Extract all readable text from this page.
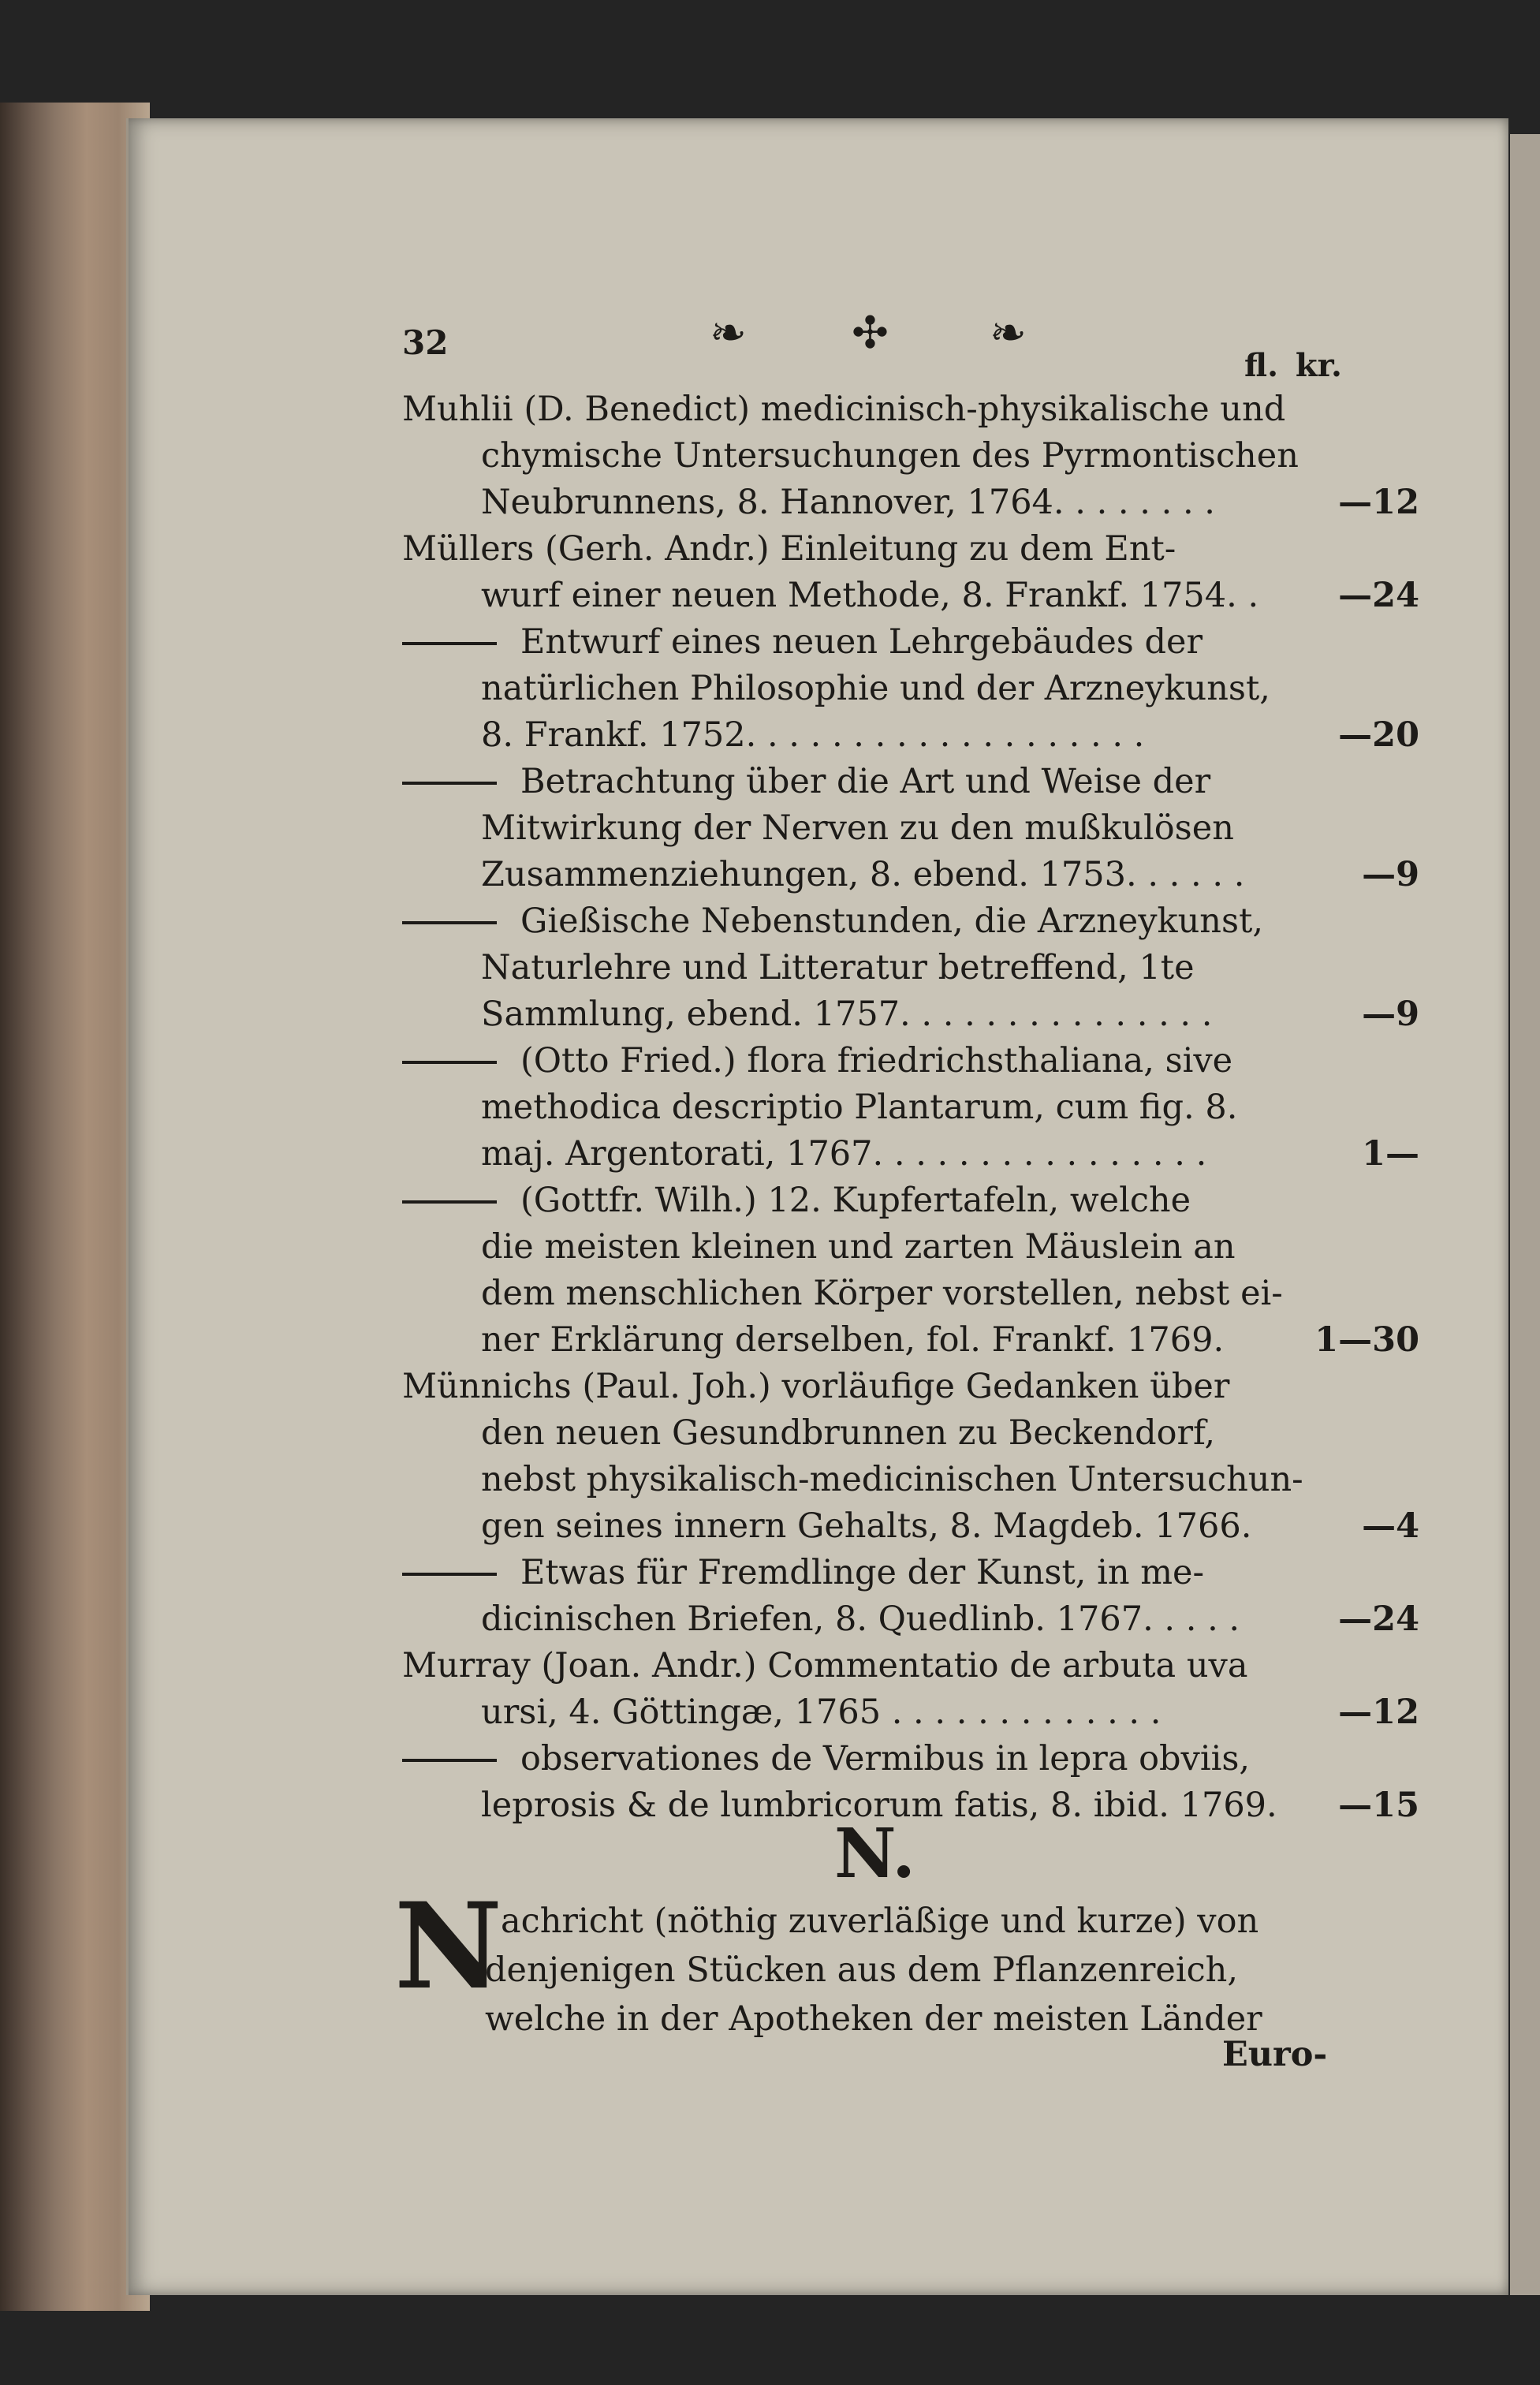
32	❧ ✣ ❧
fl. kr.
Muhlii (D. Benedict) medicinisch-physikalische und
chymische Untersuchungen des Pyrmontischen
Neubrunnens, 8. Hannover, 1764. . . . . . . .	—12
Müllers (Gerh. Andr.) Einleitung zu dem Ent-
wurf einer neuen Methode, 8. Frankf. 1754. .	—24
Entwurf eines neuen Lehrgebäudes der
natürlichen Philosophie und der Arzneykunst,
8. Frankf. 1752. . . . . . . . . . . . . . . . . . .	—20
Betrachtung über die Art und Weise der
Mitwirkung der Nerven zu den mußkulösen
Zusammenziehungen, 8. ebend. 1753. . . . . .	—9
Gießische Nebenstunden, die Arzneykunst,
Naturlehre und Litteratur betreffend, 1te
Sammlung, ebend. 1757. . . . . . . . . . . . . . .	—9
(Otto Fried.) flora friedrichsthaliana, sive
methodica descriptio Plantarum, cum fig. 8.
maj. Argentorati, 1767. . . . . . . . . . . . . . . .	1—
(Gottfr. Wilh.) 12. Kupfertafeln, welche
die meisten kleinen und zarten Mäuslein an
dem menschlichen Körper vorstellen, nebst ei-
ner Erklärung derselben, fol. Frankf. 1769.	1—30
Münnichs (Paul. Joh.) vorläufige Gedanken über
den neuen Gesundbrunnen zu Beckendorf,
nebst physikalisch-medicinischen Untersuchun-
gen seines innern Gehalts, 8. Magdeb. 1766.	—4
Etwas für Fremdlinge der Kunst, in me-
dicinischen Briefen, 8. Quedlinb. 1767. . . . .	—24
Murray (Joan. Andr.) Commentatio de arbuta uva
ursi, 4. Göttingæ, 1765 . . . . . . . . . . . . .	—12
observationes de Vermibus in lepra obviis,
leprosis & de lumbricorum fatis, 8. ibid. 1769.	—15
N.
N
achricht (nöthig zuverläßige und kurze) von
denjenigen Stücken aus dem Pflanzenreich,
welche in der Apotheken der meisten Länder
Euro-
